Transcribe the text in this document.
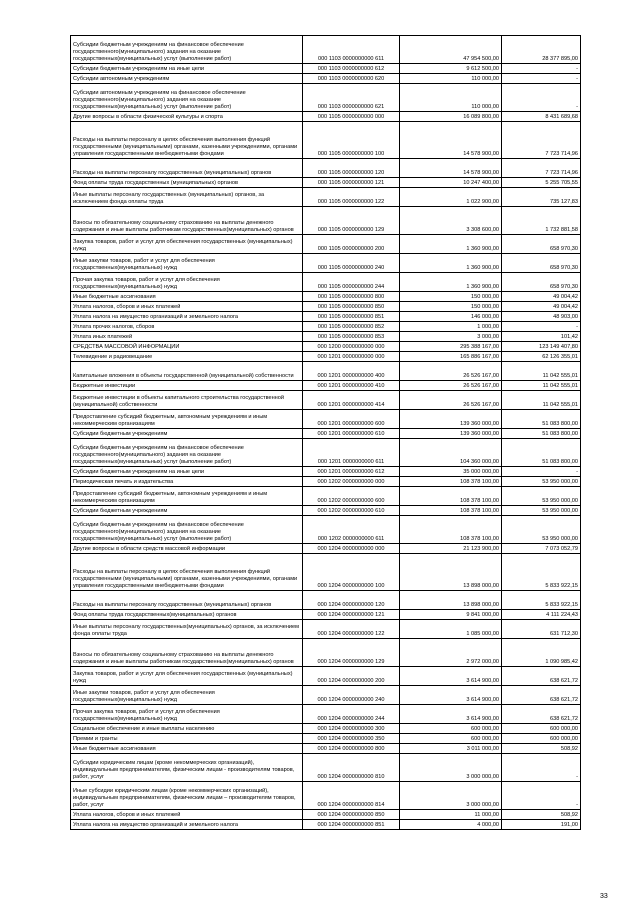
Субсидии бюджетным учреждениям на финансовое обеспечение государственного(муниципального) задания на оказание государственных(муниципальных) услуг (выполнение работ)	000 1103 0000000000 611	47 954 500,00	28 377 895,00
Субсидии бюджетным учреждениям на иные цели	000 1103 0000000000 612	9 612 500,00	-
Субсидии автономным учреждениям	000 1103 0000000000 620	110 000,00	-
Субсидии автономным учреждениям на финансовое обеспечение государственного(муниципального) задания на оказание государственных(муниципальных) услуг (выполнение работ)	000 1103 0000000000 621	110 000,00	-
Другие вопросы в области физической культуры и спорта	000 1105 0000000000 000	16 089 800,00	8 431 689,68
Расходы на выплаты персоналу в целях обеспечения выполнения функций государственными (муниципальными) органами, казенными учреждениями, органами управления государственными внебюджетными фондами	000 1105 0000000000 100	14 578 900,00	7 723 714,96
Расходы на выплаты персоналу государственных (муниципальных) органов	000 1105 0000000000 120	14 578 900,00	7 723 714,96
Фонд оплаты труда государственных (муниципальных) органов	000 1105 0000000000 121	10 247 400,00	5 255 705,55
Иные выплаты персоналу государственных (муниципальных) органов, за исключением фонда оплаты труда	000 1105 0000000000 122	1 022 900,00	735 127,83
Взносы по обязательному социальному страхованию на выплаты денежного содержания и иные выплаты работникам государственных(муниципальных) органов	000 1105 0000000000 129	3 308 600,00	1 732 881,58
Закупка товаров, работ и услуг для обеспечения государственных (муниципальных) нужд	000 1105 0000000000 200	1 360 900,00	658 970,30
Иные закупки товаров, работ и услуг для обеспечения государственных(муниципальных) нужд	000 1105 0000000000 240	1 360 900,00	658 970,30
Прочая закупка товаров, работ и услуг для обеспечения государственных(муниципальных) нужд	000 1105 0000000000 244	1 360 900,00	658 970,30
Иные бюджетные ассигнования	000 1105 0000000000 800	150 000,00	49 004,42
Уплата налогов, сборов и иных платежей	000 1105 0000000000 850	150 000,00	49 004,42
Уплата налога на имущество организаций и земельного налога	000 1105 0000000000 851	146 000,00	48 903,00
Уплата прочих налогов, сборов	000 1105 0000000000 852	1 000,00	-
Уплата иных платежей	000 1105 0000000000 853	3 000,00	101,42
СРЕДСТВА МАССОВОЙ ИНФОРМАЦИИ	000 1200 0000000000 000	295 388 167,00	123 149 407,80
Телевидение и радиовещание	000 1201 0000000000 000	165 886 167,00	62 126 355,01
Капитальные вложения в объекты государственной (муниципальной) собственности	000 1201 0000000000 400	26 526 167,00	11 042 555,01
Бюджетные инвестиции	000 1201 0000000000 410	26 526 167,00	11 042 555,01
Бюджетные инвестиции в объекты капитального строительства государственной (муниципальной) собственности	000 1201 0000000000 414	26 526 167,00	11 042 555,01
Предоставление субсидий бюджетным, автономным учреждениям и иным некоммерческим организациям	000 1201 0000000000 600	139 360 000,00	51 083 800,00
Субсидии бюджетным учреждениям	000 1201 0000000000 610	139 360 000,00	51 083 800,00
Субсидии бюджетным учреждениям на финансовое обеспечение государственного(муниципального) задания на оказание государственных(муниципальных) услуг (выполнение работ)	000 1201 0000000000 611	104 360 000,00	51 083 800,00
Субсидии бюджетным учреждениям на иные цели	000 1201 0000000000 612	35 000 000,00	-
Периодическая печать и издательства	000 1202 0000000000 000	108 378 100,00	53 950 000,00
Предоставление субсидий бюджетным, автономным учреждениям и иным некоммерческим организациям	000 1202 0000000000 600	108 378 100,00	53 950 000,00
Субсидии бюджетным учреждениям	000 1202 0000000000 610	108 378 100,00	53 950 000,00
Субсидии бюджетным учреждениям на финансовое обеспечение государственного(муниципального) задания на оказание государственных(муниципальных) услуг (выполнение работ)	000 1202 0000000000 611	108 378 100,00	53 950 000,00
Другие вопросы в области средств массовой информации	000 1204 0000000000 000	21 123 900,00	7 073 052,79
Расходы на выплаты персоналу в целях обеспечения выполнения функций государственными (муниципальными) органами, казенными учреждениями, органами управления государственными внебюджетными фондами	000 1204 0000000000 100	13 898 000,00	5 833 922,15
Расходы на выплаты персоналу государственных (муниципальных) органов	000 1204 0000000000 120	13 898 000,00	5 833 922,15
Фонд оплаты труда государственных(муниципальных) органов	000 1204 0000000000 121	9 841 000,00	4 111 224,43
Иные выплаты персоналу государственных(муниципальных) органов, за исключением фонда оплаты труда	000 1204 0000000000 122	1 085 000,00	631 712,30
Взносы по обязательному социальному страхованию на выплаты денежного содержания и иные выплаты работникам государственных(муниципальных) органов	000 1204 0000000000 129	2 972 000,00	1 090 985,42
Закупка товаров, работ и услуг для обеспечения государственных (муниципальных) нужд	000 1204 0000000000 200	3 614 900,00	638 621,72
Иные закупки товаров, работ и услуг для обеспечения государственных(муниципальных) нужд	000 1204 0000000000 240	3 614 900,00	638 621,72
Прочая закупка товаров, работ и услуг для обеспечения государственных(муниципальных) нужд	000 1204 0000000000 244	3 614 900,00	638 621,72
Социальное обеспечение и иные выплаты населению	000 1204 0000000000 300	600 000,00	600 000,00
Премии и гранты	000 1204 0000000000 350	600 000,00	600 000,00
Иные бюджетные ассигнования	000 1204 0000000000 800	3 011 000,00	508,92
Субсидии юридическим лицам (кроме некоммерческих организаций), индивидуальным предпринимателям, физическим лицам - производителям товаров, работ, услуг	000 1204 0000000000 810	3 000 000,00	-
Иные субсидии юридическим лицам (кроме некоммерческих организаций), индивидуальным предпринимателям, физическим лицам – производителям товаров, работ, услуг	000 1204 0000000000 814	3 000 000,00	-
Уплата налогов, сборов и иных платежей	000 1204 0000000000 850	11 000,00	508,92
Уплата налога на имущество организаций и земельного налога	000 1204 0000000000 851	4 000,00	191,00
33
